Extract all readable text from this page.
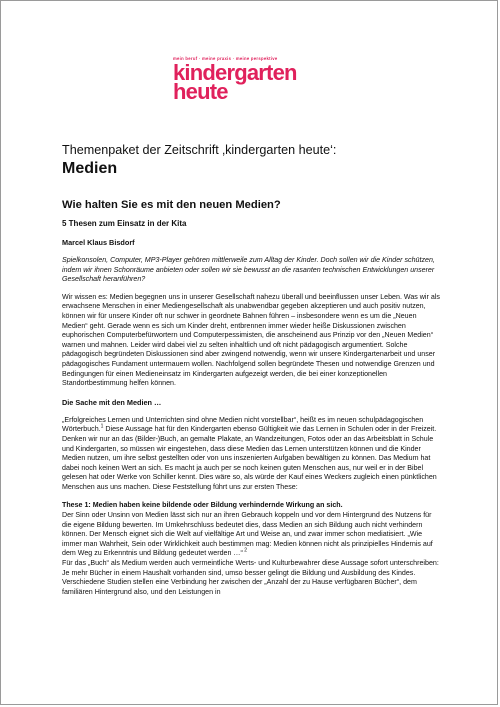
mein beruf · meine praxis · meine perspektive
kindergarten
heute
Themenpaket der Zeitschrift ‚kindergarten heute‘:
Medien
Wie halten Sie es mit den neuen Medien?
5 Thesen zum Einsatz in der Kita
Marcel Klaus Bisdorf
Spielkonsolen, Computer, MP3-Player gehören mittlerweile zum Alltag der Kinder. Doch sollen wir die Kinder schützen, indem wir ihnen Schonräume anbieten oder sollen wir sie bewusst an die rasanten technischen Entwicklungen unserer Gesellschaft heranführen?

Wir wissen es: Medien begegnen uns in unserer Gesellschaft nahezu überall und beeinflussen unser Leben. Was wir als erwachsene Menschen in einer Mediengesellschaft als unabwendbar gegeben akzeptieren und auch positiv nutzen, können wir für unsere Kinder oft nur schwer in geordnete Bahnen führen – insbesondere wenn es um die „Neuen Medien“ geht. Gerade wenn es sich um Kinder dreht, entbrennen immer wieder heiße Diskussionen zwischen euphorischen Computerbefürwortern und Computerpessimisten, die anscheinend aus Prinzip vor den „Neuen Medien“ warnen und mahnen. Leider wird dabei viel zu selten inhaltlich und oft nicht pädagogisch argumentiert. Solche pädagogisch begründeten Diskussionen sind aber zwingend notwendig, wenn wir unsere Kindergartenarbeit und unser pädagogisches Fundament untermauern wollen. Nachfolgend sollen begründete Thesen und notwendige Grenzen und Bedingungen für einen Medieneinsatz im Kindergarten aufgezeigt werden, die bei einer konzeptionellen Standortbestimmung helfen können.

Die Sache mit den Medien …

„Erfolgreiches Lernen und Unterrichten sind ohne Medien nicht vorstellbar“, heißt es im neuen schulpädagogischen Wörterbuch.$^1$ Diese Aussage hat für den Kindergarten ebenso Gültigkeit wie das Lernen in Schulen oder in der Freizeit. Denken wir nur an das (Bilder-)Buch, an gemalte Plakate, an Wandzeitungen, Fotos oder an das Arbeitsblatt in Schule und Kindergarten, so müssen wir eingestehen, dass diese Medien das Lernen unterstützen können und die Kinder Medien nutzen, um ihre selbst gestellten oder von uns inszenierten Aufgaben bewältigen zu können. Das Medium hat dabei noch keinen Wert an sich. Es macht ja auch per se noch keinen guten Menschen aus, nur weil er in der Bibel gelesen hat oder Werke von Schiller kennt. Dies wäre so, als würde der Kauf eines Weckers zugleich einen pünktlichen Menschen aus uns machen. Diese Feststellung führt uns zur ersten These:

These 1: Medien haben keine bildende oder Bildung verhindernde Wirkung an sich.

Der Sinn oder Unsinn von Medien lässt sich nur an ihren Gebrauch koppeln und vor dem Hintergrund des Nutzens für die eigene Bildung bewerten. Im Umkehrschluss bedeutet dies, dass Medien an sich Bildung auch nicht verhindern können. Der Mensch eignet sich die Welt auf vielfältige Art und Weise an, und zwar immer schon mediatisiert. „Wie immer man Wahrheit, Sein oder Wirklichkeit auch bestimmen mag: Medien können nicht als prinzipielles Hindernis auf dem Weg zu Erkenntnis und Bildung gedeutet werden …“ $^2$

Für das „Buch“ als Medium werden auch vermeintliche Werts- und Kulturbewahrer diese Aussage sofort unterschreiben: Je mehr Bücher in einem Haushalt vorhanden sind, umso besser gelingt die Bildung und Ausbildung des Kindes. Verschiedene Studien stellen eine Verbindung her zwischen der „Anzahl der zu Hause verfügbaren Bücher“, dem familiären Hintergrund also, und den Leistungen in
